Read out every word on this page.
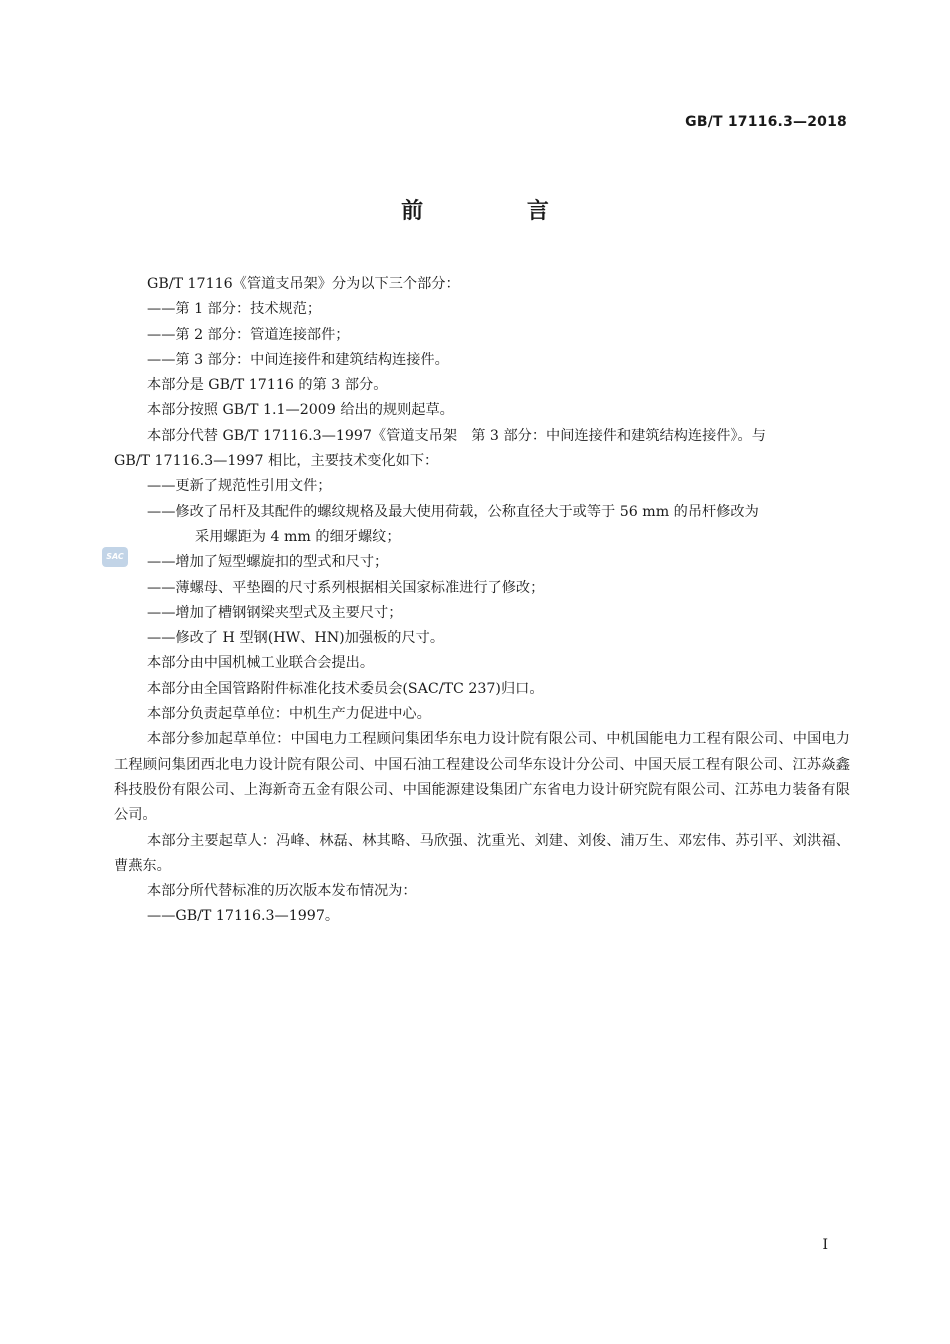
GB/T 17116.3—2018
前 言
SAC
GB/T 17116《管道支吊架》分为以下三个部分：
——第 1 部分：技术规范；
——第 2 部分：管道连接部件；
——第 3 部分：中间连接件和建筑结构连接件。
本部分是 GB/T 17116 的第 3 部分。
本部分按照 GB/T 1.1—2009 给出的规则起草。
本部分代替 GB/T 17116.3—1997《管道支吊架　第 3 部分：中间连接件和建筑结构连接件》。与
GB/T 17116.3—1997 相比，主要技术变化如下：
——更新了规范性引用文件；
——修改了吊杆及其配件的螺纹规格及最大使用荷载，公称直径大于或等于 56 mm 的吊杆修改为
采用螺距为 4 mm 的细牙螺纹；
——增加了短型螺旋扣的型式和尺寸；
——薄螺母、平垫圈的尺寸系列根据相关国家标准进行了修改；
——增加了槽钢钢梁夹型式及主要尺寸；
——修改了 H 型钢(HW、HN)加强板的尺寸。
本部分由中国机械工业联合会提出。
本部分由全国管路附件标准化技术委员会(SAC/TC 237)归口。
本部分负责起草单位：中机生产力促进中心。
本部分参加起草单位：中国电力工程顾问集团华东电力设计院有限公司、中机国能电力工程有限公司、中国电力工程顾问集团西北电力设计院有限公司、中国石油工程建设公司华东设计分公司、中国天辰工程有限公司、江苏焱鑫科技股份有限公司、上海新奇五金有限公司、中国能源建设集团广东省电力设计研究院有限公司、江苏电力装备有限公司。
本部分主要起草人：冯峰、林磊、林其略、马欣强、沈重光、刘建、刘俊、浦万生、邓宏伟、苏引平、刘洪福、曹燕东。
本部分所代替标准的历次版本发布情况为：
——GB/T 17116.3—1997。
I
